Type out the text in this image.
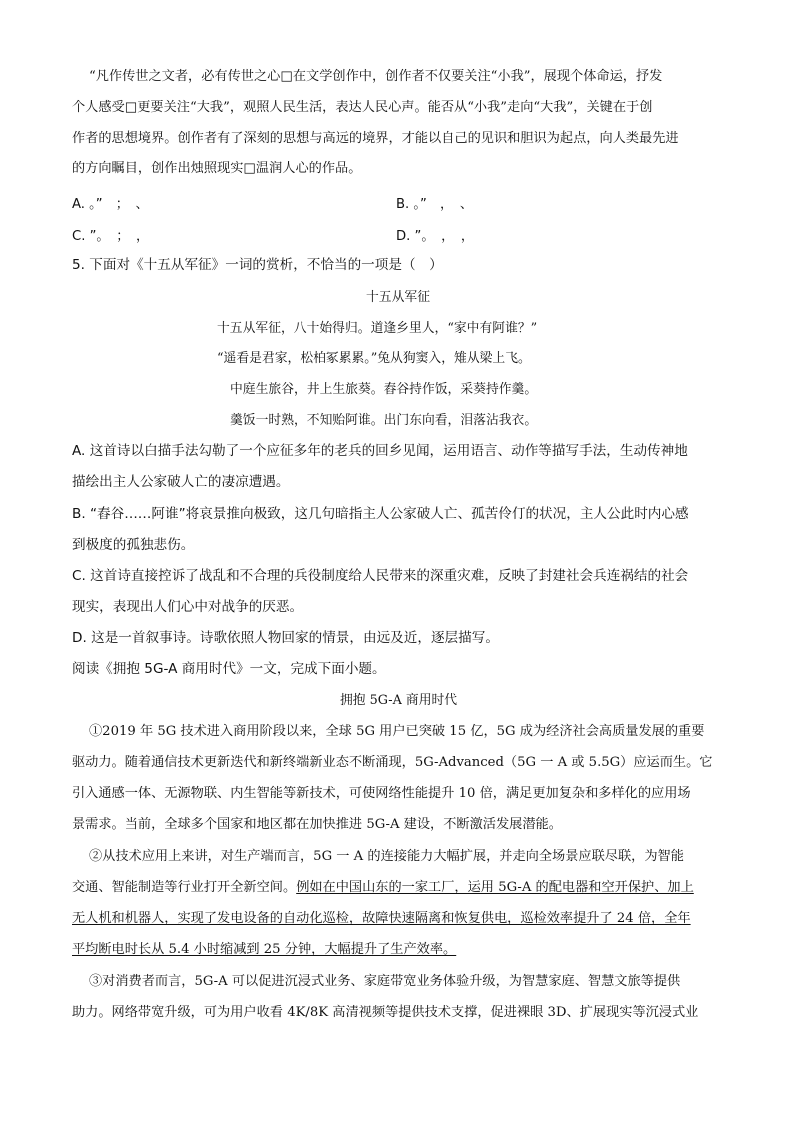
“凡作传世之文者，必有传世之心□在文学创作中，创作者不仅要关注“小我”，展现个体命运，抒发
个人感受□更要关注“大我”，观照人民生活，表达人民心声。能否从“小我”走向“大我”，关键在于创
作者的思想境界。创作者有了深刻的思想与高远的境界，才能以自己的见识和胆识为起点，向人类最先进
的方向瞩目，创作出烛照现实□温润人心的作品。
A. 。”　；　、	B. 。”　，　、
C. ”。　；　，	D. ”。　，　，
5. 下面对《十五从军征》一词的赏析，不恰当的一项是（　）
十五从军征
十五从军征，八十始得归。道逢乡里人，“家中有阿谁？”
“遥看是君家，松柏冢累累。”兔从狗窦入，雉从梁上飞。
中庭生旅谷，井上生旅葵。舂谷持作饭，采葵持作羹。
羹饭一时熟，不知贻阿谁。出门东向看，泪落沾我衣。
A. 这首诗以白描手法勾勒了一个应征多年的老兵的回乡见闻，运用语言、动作等描写手法，生动传神地
描绘出主人公家破人亡的凄凉遭遇。
B. “舂谷……阿谁”将哀景推向极致，这几句暗指主人公家破人亡、孤苦伶仃的状况，主人公此时内心感
到极度的孤独悲伤。
C. 这首诗直接控诉了战乱和不合理的兵役制度给人民带来的深重灾难，反映了封建社会兵连祸结的社会
现实，表现出人们心中对战争的厌恶。
D. 这是一首叙事诗。诗歌依照人物回家的情景，由远及近，逐层描写。
阅读《拥抱 5G-A 商用时代》一文，完成下面小题。
拥抱 5G-A 商用时代
①2019 年 5G 技术进入商用阶段以来，全球 5G 用户已突破 15 亿，5G 成为经济社会高质量发展的重要
驱动力。随着通信技术更新迭代和新终端新业态不断涌现，5G-Advanced（5G 一 A 或 5.5G）应运而生。它
引入通感一体、无源物联、内生智能等新技术，可使网络性能提升 10 倍，满足更加复杂和多样化的应用场
景需求。当前，全球多个国家和地区都在加快推进 5G-A 建设，不断激活发展潜能。
②从技术应用上来讲，对生产端而言，5G 一 A 的连接能力大幅扩展，并走向全场景应联尽联，为智能
交通、智能制造等行业打开全新空间。例如在中国山东的一家工厂，运用 5G-A 的配电器和空开保护、加上
无人机和机器人，实现了发电设备的自动化巡检，故障快速隔离和恢复供电，巡检效率提升了 24 倍，全年
平均断电时长从 5.4 小时缩减到 25 分钟，大幅提升了生产效率。
③对消费者而言，5G-A 可以促进沉浸式业务、家庭带宽业务体验升级，为智慧家庭、智慧文旅等提供
助力。网络带宽升级，可为用户收看 4K/8K 高清视频等提供技术支撑，促进裸眼 3D、扩展现实等沉浸式业
